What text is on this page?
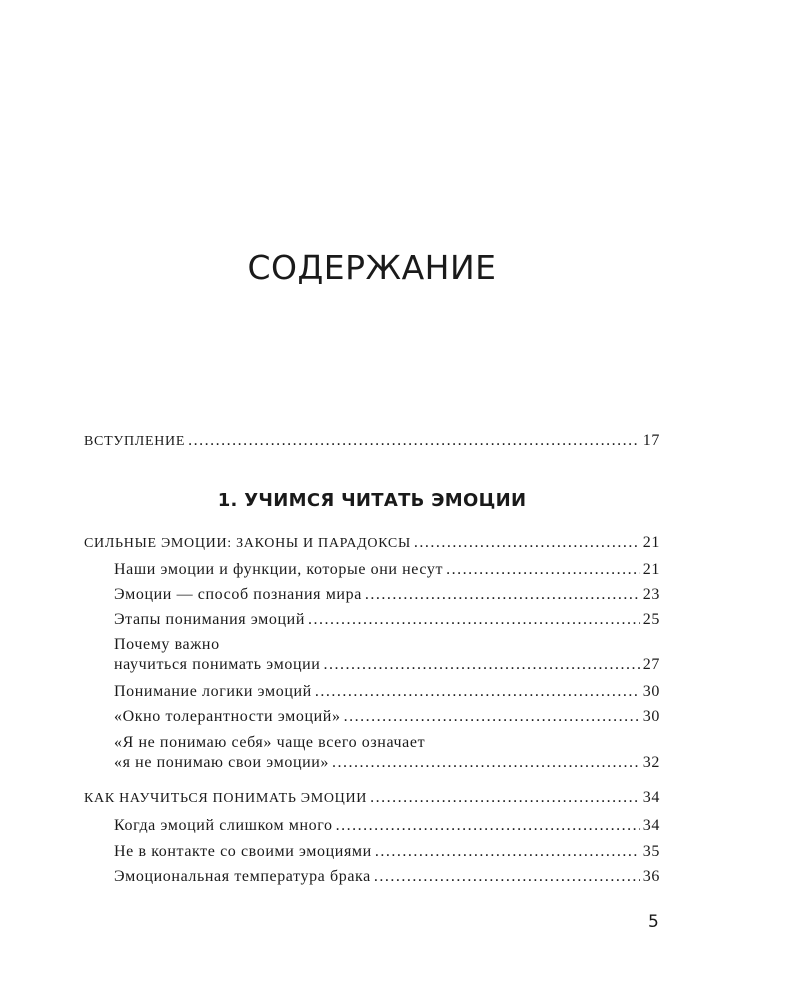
СОДЕРЖАНИЕ
ВСТУПЛЕНИЕ .....	17
1. УЧИМСЯ ЧИТАТЬ ЭМОЦИИ
СИЛЬНЫЕ ЭМОЦИИ: ЗАКОНЫ И ПАРАДОКСЫ .....	21
Наши эмоции и функции, которые они несут .....	21
Эмоции — способ познания мира .....	23
Этапы понимания эмоций .....	25
Почему важно
научиться понимать эмоции .....	27
Понимание логики эмоций .....	30
«Окно толерантности эмоций» .....	30
«Я не понимаю себя» чаще всего означает
«я не понимаю свои эмоции» .....	32
КАК НАУЧИТЬСЯ ПОНИМАТЬ ЭМОЦИИ .....	34
Когда эмоций слишком много .....	34
Не в контакте со своими эмоциями .....	35
Эмоциональная температура брака .....	36
5
